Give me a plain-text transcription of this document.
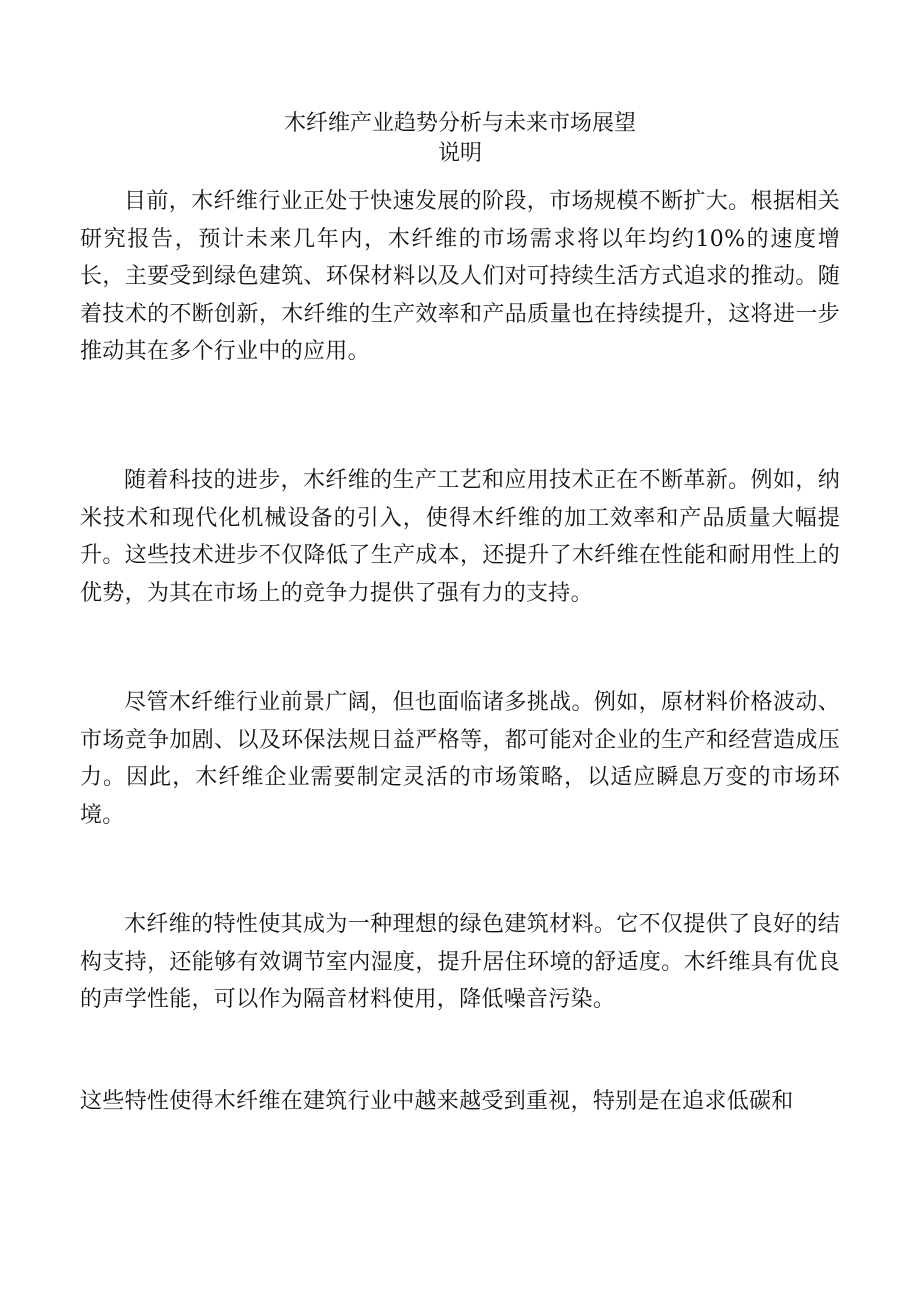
木纤维产业趋势分析与未来市场展望
说明

目前，木纤维行业正处于快速发展的阶段，市场规模不断扩大。根据相关研究报告，预计未来几年内，木纤维的市场需求将以年均约10%的速度增长，主要受到绿色建筑、环保材料以及人们对可持续生活方式追求的推动。随着技术的不断创新，木纤维的生产效率和产品质量也在持续提升，这将进一步推动其在多个行业中的应用。

随着科技的进步，木纤维的生产工艺和应用技术正在不断革新。例如，纳米技术和现代化机械设备的引入，使得木纤维的加工效率和产品质量大幅提升。这些技术进步不仅降低了生产成本，还提升了木纤维在性能和耐用性上的优势，为其在市场上的竞争力提供了强有力的支持。

尽管木纤维行业前景广阔，但也面临诸多挑战。例如，原材料价格波动、市场竞争加剧、以及环保法规日益严格等，都可能对企业的生产和经营造成压力。因此，木纤维企业需要制定灵活的市场策略，以适应瞬息万变的市场环境。

木纤维的特性使其成为一种理想的绿色建筑材料。它不仅提供了良好的结构支持，还能够有效调节室内湿度，提升居住环境的舒适度。木纤维具有优良的声学性能，可以作为隔音材料使用，降低噪音污染。

这些特性使得木纤维在建筑行业中越来越受到重视，特别是在追求低碳和
